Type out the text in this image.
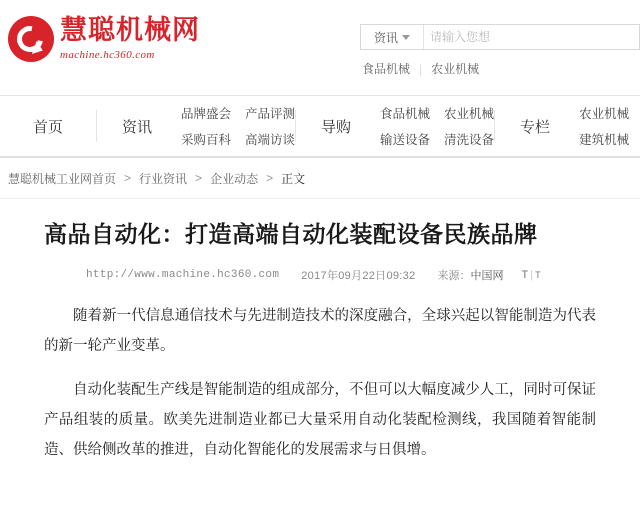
慧聪机械网
machine.hc360.com
资讯
请输入您想
食品机械 | 农业机械
首页	资讯
品牌盛会 产品评测
采购百科 高端访谈
导购
食品机械 农业机械
输送设备 清洗设备
专栏
农业机械
建筑机械
慧聪机械工业网首页 > 行业资讯 > 企业动态 > 正文
高品自动化：打造高端自动化装配设备民族品牌
http://www.machine.hc360.com 2017年09月22日09:32 来源：中国网 T | T

随着新一代信息通信技术与先进制造技术的深度融合，全球兴起以智能制造为代表的新一轮产业变革。

自动化装配生产线是智能制造的组成部分，不但可以大幅度减少人工，同时可保证产品组装的质量。欧美先进制造业都已大量采用自动化装配检测线，我国随着智能制造、供给侧改革的推进，自动化智能化的发展需求与日俱增。
